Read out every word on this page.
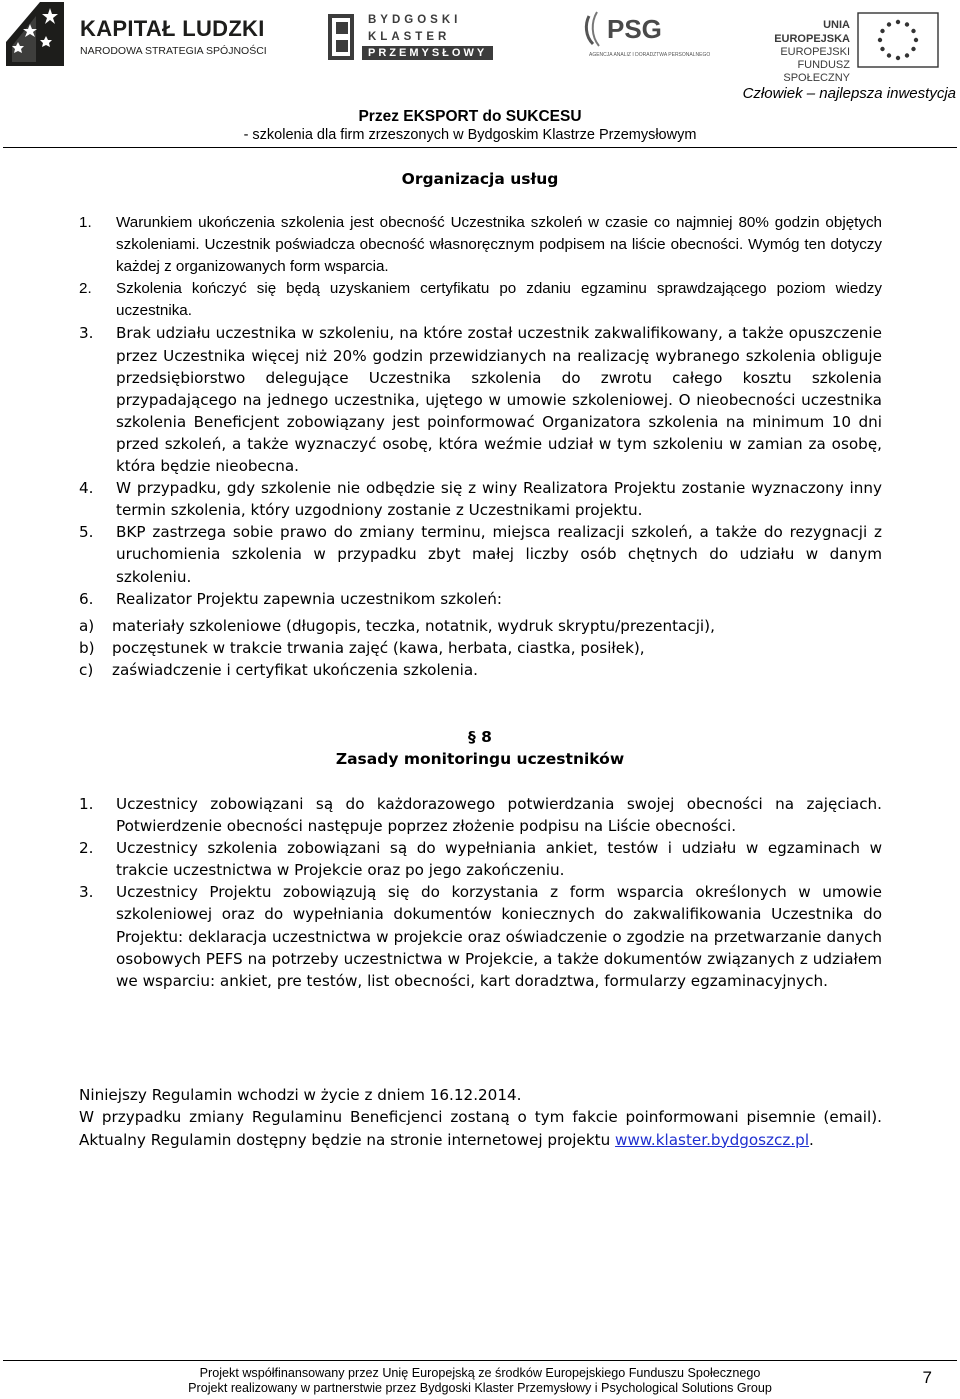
KAPITAŁ LUDZKI
NARODOWA STRATEGIA SPÓJNOŚCI
BYDGOSKI
KLASTER
PRZEMYSŁOWY
PSG
AGENCJA ANALIZ I DORADZTWA PERSONALNEGO
UNIA EUROPEJSKA
EUROPEJSKI
FUNDUSZ SPOŁECZNY
Człowiek – najlepsza inwestycja
Przez EKSPORT do SUKCESU
- szkolenia dla firm zrzeszonych w Bydgoskim Klastrze Przemysłowym
Organizacja usług
1.	Warunkiem ukończenia szkolenia jest obecność Uczestnika szkoleń w czasie co najmniej 80% godzin objętych szkoleniami. Uczestnik poświadcza obecność własnoręcznym podpisem na liście obecności. Wymóg ten dotyczy każdej z organizowanych form wsparcia.
2.	Szkolenia kończyć się będą uzyskaniem certyfikatu po zdaniu egzaminu sprawdzającego poziom wiedzy uczestnika.
3.	Brak udziału uczestnika w szkoleniu, na które został uczestnik zakwalifikowany, a także opuszczenie przez Uczestnika więcej niż 20% godzin przewidzianych na realizację wybranego szkolenia obliguje przedsiębiorstwo delegujące Uczestnika szkolenia do zwrotu całego kosztu szkolenia przypadającego na jednego uczestnika, ujętego w umowie szkoleniowej. O nieobecności uczestnika szkolenia Beneficjent zobowiązany jest poinformować Organizatora szkolenia na minimum 10 dni przed szkoleń, a także wyznaczyć osobę, która weźmie udział w tym szkoleniu w zamian za osobę, która będzie nieobecna.
4.	W przypadku, gdy szkolenie nie odbędzie się z winy Realizatora Projektu zostanie wyznaczony inny termin szkolenia, który uzgodniony zostanie z Uczestnikami projektu.
5.	BKP zastrzega sobie prawo do zmiany terminu, miejsca realizacji szkoleń, a także do rezygnacji z uruchomienia szkolenia w przypadku zbyt małej liczby osób chętnych do udziału w danym szkoleniu.
6.	Realizator Projektu zapewnia uczestnikom szkoleń:
a) materiały szkoleniowe (długopis, teczka, notatnik, wydruk skryptu/prezentacji),
b) poczęstunek w trakcie trwania zajęć (kawa, herbata, ciastka, posiłek),
c) zaświadczenie i certyfikat ukończenia szkolenia.
§ 8
Zasady monitoringu uczestników
1.	Uczestnicy zobowiązani są do każdorazowego potwierdzania swojej obecności na zajęciach. Potwierdzenie obecności następuje poprzez złożenie podpisu na Liście obecności.
2.	Uczestnicy szkolenia zobowiązani są do wypełniania ankiet, testów i udziału w egzaminach w trakcie uczestnictwa w Projekcie oraz po jego zakończeniu.
3.	Uczestnicy Projektu zobowiązują się do korzystania z form wsparcia określonych w umowie szkoleniowej oraz do wypełniania dokumentów koniecznych do zakwalifikowania Uczestnika do Projektu: deklaracja uczestnictwa w projekcie oraz oświadczenie o zgodzie na przetwarzanie danych osobowych PEFS na potrzeby uczestnictwa w Projekcie, a także dokumentów związanych z udziałem we wsparciu: ankiet, pre testów, list obecności, kart doradztwa, formularzy egzaminacyjnych.

Niniejszy Regulamin wchodzi w życie z dniem 16.12.2014.

W przypadku zmiany Regulaminu Beneficjenci zostaną o tym fakcie poinformowani pisemnie (email). Aktualny Regulamin dostępny będzie na stronie internetowej projektu www.klaster.bydgoszcz.pl.

Projekt współfinansowany przez Unię Europejską ze środków Europejskiego Funduszu Społecznego
Projekt realizowany w partnerstwie przez Bydgoski Klaster Przemysłowy i Psychological Solutions Group
7
